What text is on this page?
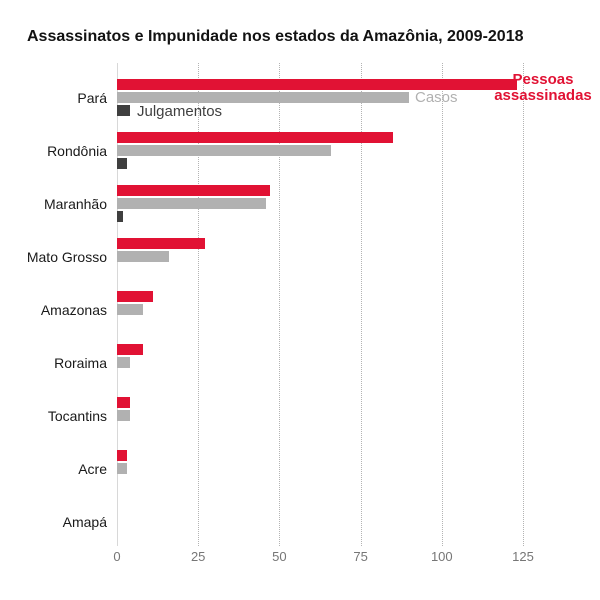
Assassinatos e Impunidade nos estados da Amazônia, 2009-2018
0	25	50	75	100	125
Pará
Rondônia
Maranhão
Mato Grosso
Amazonas
Roraima
Tocantins
Acre
Amapá
Pessoas assassinadas
Casos
Julgamentos
